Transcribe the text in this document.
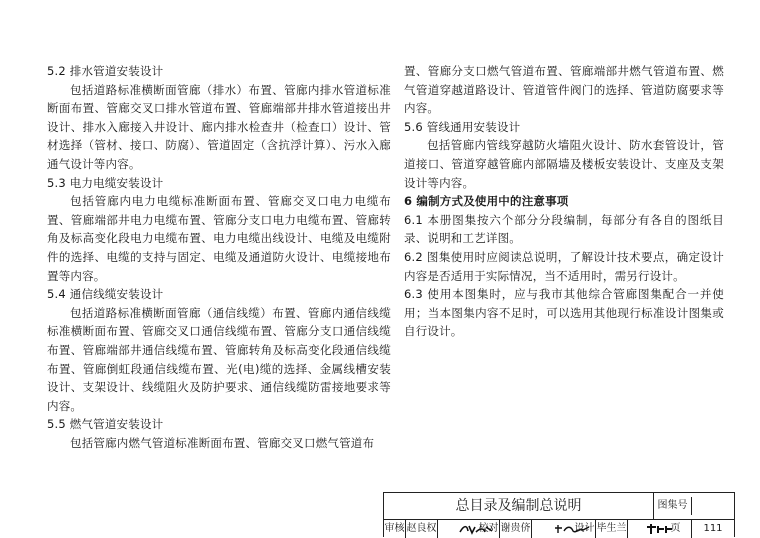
5.2 排水管道安装设计
包括道路标准横断面管廊（排水）布置、管廊内排水管道标准断面布置、管廊交叉口排水管道布置、管廊端部井排水管道接出井设计、排水入廊接入井设计、廊内排水检查井（检查口）设计、管材选择（管材、接口、防腐）、管道固定（含抗浮计算）、污水入廊通气设计等内容。
5.3 电力电缆安装设计
包括管廊内电力电缆标准断面布置、管廊交叉口电力电缆布置、管廊端部井电力电缆布置、管廊分支口电力电缆布置、管廊转角及标高变化段电力电缆布置、电力电缆出线设计、电缆及电缆附件的选择、电缆的支持与固定、电缆及通道防火设计、电缆接地布置等内容。
5.4 通信线缆安装设计
包括道路标准横断面管廊（通信线缆）布置、管廊内通信线缆标准横断面布置、管廊交叉口通信线缆布置、管廊分支口通信线缆布置、管廊端部井通信线缆布置、管廊转角及标高变化段通信线缆布置、管廊倒虹段通信线缆布置、光(电)缆的选择、金属线槽安装设计、支架设计、线缆阻火及防护要求、通信线缆防雷接地要求等内容。
5.5 燃气管道安装设计
包括管廊内燃气管道标准断面布置、管廊交叉口燃气管道布
置、管廊分支口燃气管道布置、管廊端部井燃气管道布置、燃气管道穿越道路设计、管道管件阀门的选择、管道防腐要求等内容。
5.6 管线通用安装设计
包括管廊内管线穿越防火墙阻火设计、防水套管设计，管道接口、管道穿越管廊内部隔墙及楼板安装设计、支座及支架设计等内容。
6 编制方式及使用中的注意事项
6.1 本册图集按六个部分分段编制，每部分有各自的图纸目录、说明和工艺详图。
6.2 图集使用时应阅读总说明，了解设计技术要点，确定设计内容是否适用于实际情况，当不适用时，需另行设计。
6.3 使用本图集时，应与我市其他综合管廊图集配合一并使用；当本图集内容不足时，可以选用其他现行标准设计图集或自行设计。
总目录及编制总说明	图集号
审核 赵良权	校对 谢贵侪	设计 毕生兰	页	111
